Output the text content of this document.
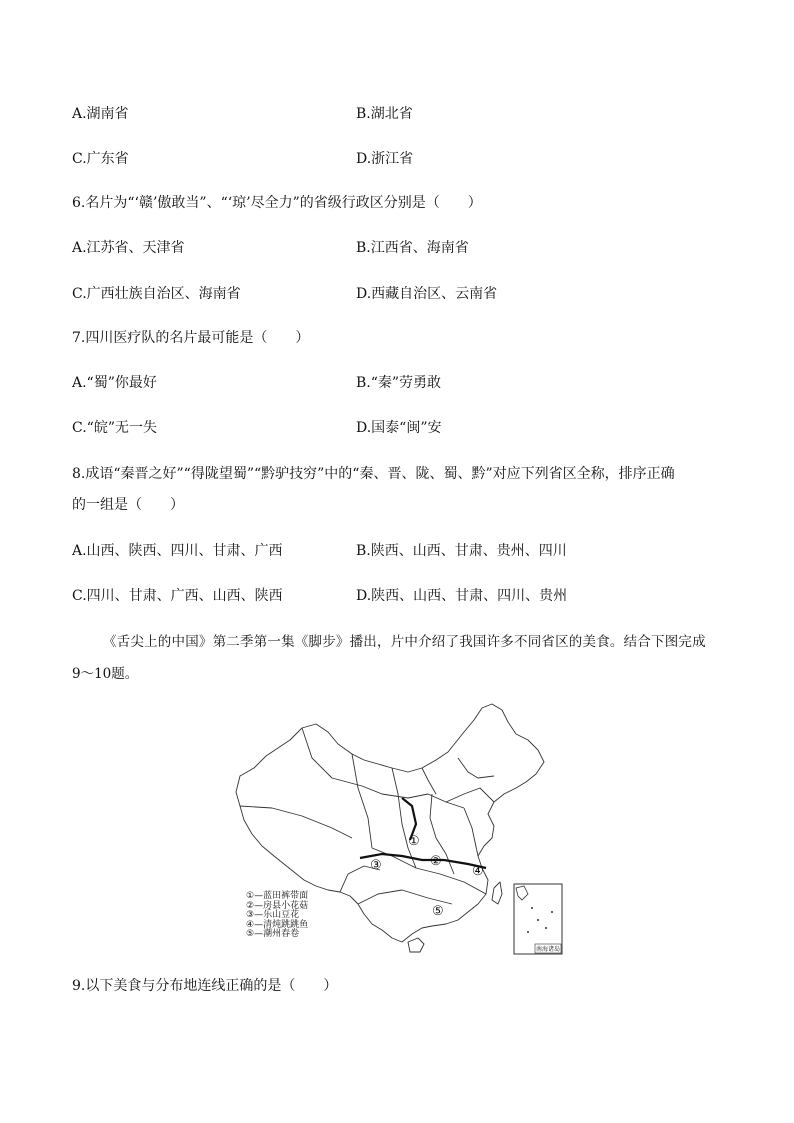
A.湖南省	B.湖北省
C.广东省	D.浙江省
6.名片为“‘赣’傲敢当”、“‘琼’尽全力”的省级行政区分别是（　　）
A.江苏省、天津省	B.江西省、海南省
C.广西壮族自治区、海南省	D.西藏自治区、云南省
7.四川医疗队的名片最可能是（　　）
A.“蜀”你最好	B.“秦”劳勇敢
C.“皖”无一失	D.国泰“闽”安
8.成语“秦晋之好”“得陇望蜀”“黔驴技穷”中的“秦、晋、陇、蜀、黔”对应下列省区全称，排序正确
的一组是（　　）
A.山西、陕西、四川、甘肃、广西	B.陕西、山西、甘肃、贵州、四川
C.四川、甘肃、广西、山西、陕西	D.陕西、山西、甘肃、四川、贵州
《舌尖上的中国》第二季第一集《脚步》播出，片中介绍了我国许多不同省区的美食。结合下图完成
9～10题。
①
②
③	④
⑤
南海诸岛
①—蓝田裤带面
②—房县小花菇
③—乐山豆花
④—清炖跳跳鱼
⑤—潮州春卷
9.以下美食与分布地连线正确的是（　　）
